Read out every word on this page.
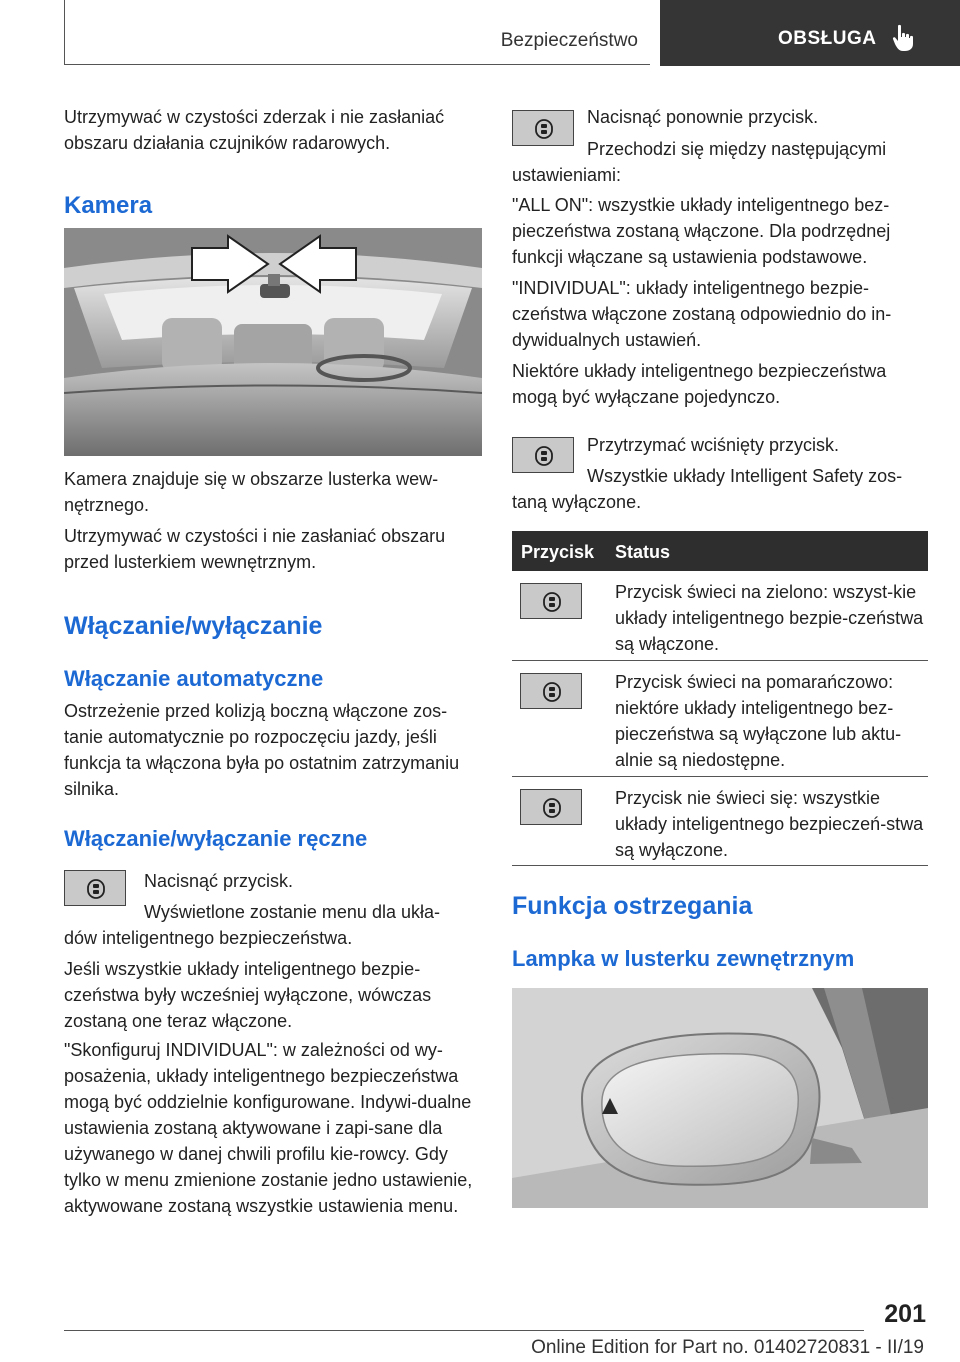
Bezpieczeństwo	OBSŁUGA

Utrzymywać w czystości zderzak i nie zasłaniać obszaru działania czujników radarowych.

Kamera

Kamera znajduje się w obszarze lusterka wew-nętrznego.

Utrzymywać w czystości i nie zasłaniać obszaru przed lusterkiem wewnętrznym.

Włączanie/wyłączanie
Włączanie automatyczne

Ostrzeżenie przed kolizją boczną włączone zos-tanie automatycznie po rozpoczęciu jazdy, jeśli funkcja ta włączona była po ostatnim zatrzymaniu silnika.

Włączanie/wyłączanie ręczne

Nacisnąć przycisk.

Wyświetlone zostanie menu dla ukła-

dów inteligentnego bezpieczeństwa.

Jeśli wszystkie układy inteligentnego bezpie-czeństwa były wcześniej wyłączone, wówczas zostaną one teraz włączone.

"Skonfiguruj INDIVIDUAL": w zależności od wy-posażenia, układy inteligentnego bezpieczeństwa mogą być oddzielnie konfigurowane. Indywi-dualne ustawienia zostaną aktywowane i zapi-sane dla używanego w danej chwili profilu kie-rowcy. Gdy tylko w menu zmienione zostanie jedno ustawienie, aktywowane zostaną wszystkie ustawienia menu.

Nacisnąć ponownie przycisk.

Przechodzi się między następującymi

ustawieniami:

"ALL ON": wszystkie układy inteligentnego bez-pieczeństwa zostaną włączone. Dla podrzędnej funkcji włączane są ustawienia podstawowe.

"INDIVIDUAL": układy inteligentnego bezpie-czeństwa włączone zostaną odpowiednio do in-dywidualnych ustawień.

Niektóre układy inteligentnego bezpieczeństwa mogą być wyłączane pojedynczo.

Przytrzymać wciśnięty przycisk.

Wszystkie układy Intelligent Safety zos-

taną wyłączone.

Przycisk Status
Przycisk świeci na zielono: wszyst-kie układy inteligentnego bezpie-czeństwa są włączone.
Przycisk świeci na pomarańczowo: niektóre układy inteligentnego bez-pieczeństwa są wyłączone lub aktu-alnie są niedostępne.
Przycisk nie świeci się: wszystkie układy inteligentnego bezpieczeń-stwa są wyłączone.
Funkcja ostrzegania
Lampka w lusterku zewnętrznym
201
Online Edition for Part no. 01402720831 - II/19
